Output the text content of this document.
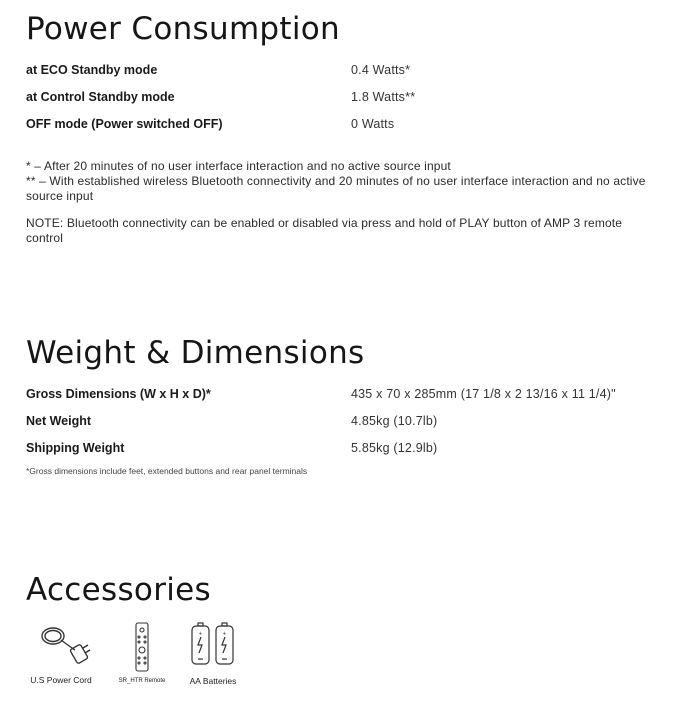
Power Consumption
at ECO Standby mode	0.4 Watts*
at Control Standby mode	1.8 Watts**
OFF mode (Power switched OFF)	0 Watts
* – After 20 minutes of no user interface interaction and no active source input
** – With established wireless Bluetooth connectivity and 20 minutes of no user interface interaction and no active source input
NOTE: Bluetooth connectivity can be enabled or disabled via press and hold of PLAY button of AMP 3 remote control
Weight & Dimensions
Gross Dimensions (W x H x D)*	435 x 70 x 285mm (17 1/8 x 2 13/16 x 11 1/4)"
Net Weight	4.85kg (10.7lb)
Shipping Weight	5.85kg (12.9lb)
*Gross dimensions include feet, extended buttons and rear panel terminals
Accessories
U.S Power Cord	SR_HTR Remote
+	+
AA Batteries
